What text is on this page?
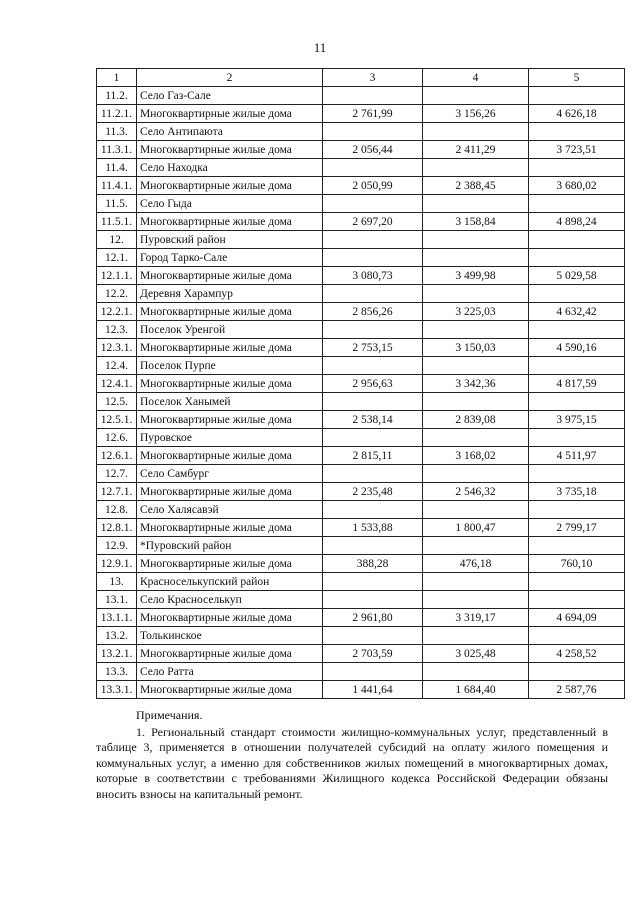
11
1	2	3	4	5
11.2.	Село Газ-Сале			
11.2.1.	Многоквартирные жилые дома	2 761,99	3 156,26	4 626,18
11.3.	Село Антипаюта			
11.3.1.	Многоквартирные жилые дома	2 056,44	2 411,29	3 723,51
11.4.	Село Находка			
11.4.1.	Многоквартирные жилые дома	2 050,99	2 388,45	3 680,02
11.5.	Село Гыда			
11.5.1.	Многоквартирные жилые дома	2 697,20	3 158,84	4 898,24
12.	Пуровский район			
12.1.	Город Тарко-Сале			
12.1.1.	Многоквартирные жилые дома	3 080,73	3 499,98	5 029,58
12.2.	Деревня Харампур			
12.2.1.	Многоквартирные жилые дома	2 856,26	3 225,03	4 632,42
12.3.	Поселок Уренгой			
12.3.1.	Многоквартирные жилые дома	2 753,15	3 150,03	4 590,16
12.4.	Поселок Пурпе			
12.4.1.	Многоквартирные жилые дома	2 956,63	3 342,36	4 817,59
12.5.	Поселок Ханымей			
12.5.1.	Многоквартирные жилые дома	2 538,14	2 839,08	3 975,15
12.6.	Пуровское			
12.6.1.	Многоквартирные жилые дома	2 815,11	3 168,02	4 511,97
12.7.	Село Самбург			
12.7.1.	Многоквартирные жилые дома	2 235,48	2 546,32	3 735,18
12.8.	Село Халясавэй			
12.8.1.	Многоквартирные жилые дома	1 533,88	1 800,47	2 799,17
12.9.	*Пуровский район			
12.9.1.	Многоквартирные жилые дома	388,28	476,18	760,10
13.	Красноселькупский район			
13.1.	Село Красноселькуп			
13.1.1.	Многоквартирные жилые дома	2 961,80	3 319,17	4 694,09
13.2.	Толькинское			
13.2.1.	Многоквартирные жилые дома	2 703,59	3 025,48	4 258,52
13.3.	Село Ратта			
13.3.1.	Многоквартирные жилые дома	1 441,64	1 684,40	2 587,76
Примечания.
1. Региональный стандарт стоимости жилищно-коммунальных услуг, представленный в таблице 3, применяется в отношении получателей субсидий на оплату жилого помещения и коммунальных услуг, а именно для собственников жилых помещений в многоквартирных домах, которые в соответствии с требованиями Жилищного кодекса Российской Федерации обязаны вносить взносы на капитальный ремонт.
